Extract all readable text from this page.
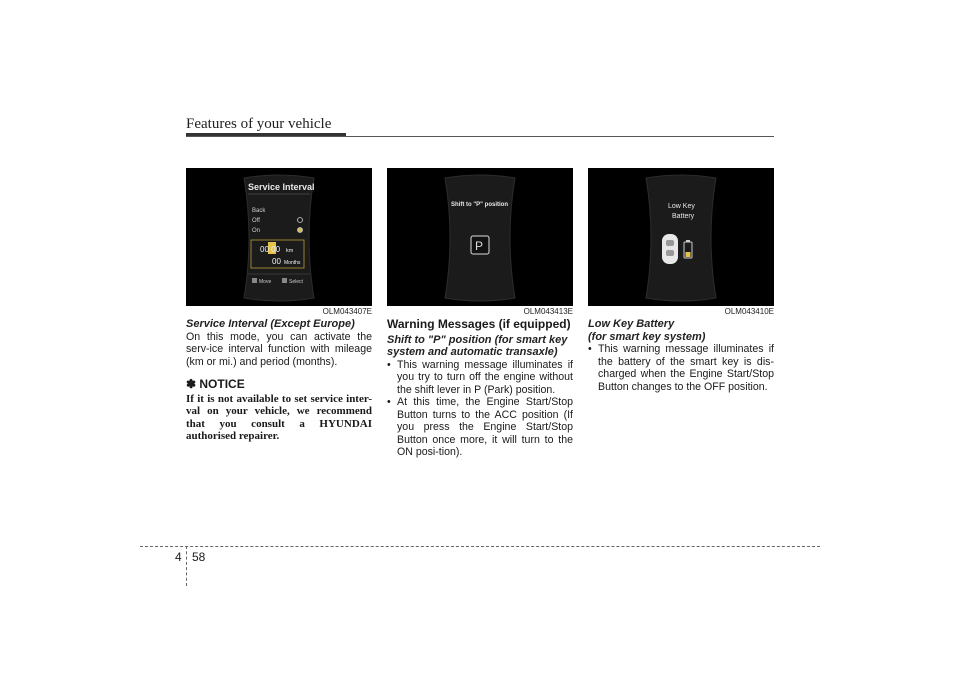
Features of your vehicle
Service Interval
Back
Off
On
00 00 km
00 Months
Move	Select
OLM043407E
Shift to "P" position
P
OLM043413E
Low Key
Battery
OLM043410E
Service Interval (Except Europe)
On this mode, you can activate the serv-ice interval function with mileage (km or mi.) and period (months).
✽ NOTICE
If it is not available to set service inter-val on your vehicle, we recommend that you consult a HYUNDAI authorised repairer.
Warning Messages (if equipped)
Shift to "P" position (for smart key system and automatic transaxle)
• This warning message illuminates if you try to turn off the engine without the shift lever in P (Park) position.
• At this time, the Engine Start/Stop Button turns to the ACC position (If you press the Engine Start/Stop Button once more, it will turn to the ON posi-tion).
Low Key Battery
(for smart key system)
• This warning message illuminates if the battery of the smart key is dis-charged when the Engine Start/Stop Button changes to the OFF position.
4 58
